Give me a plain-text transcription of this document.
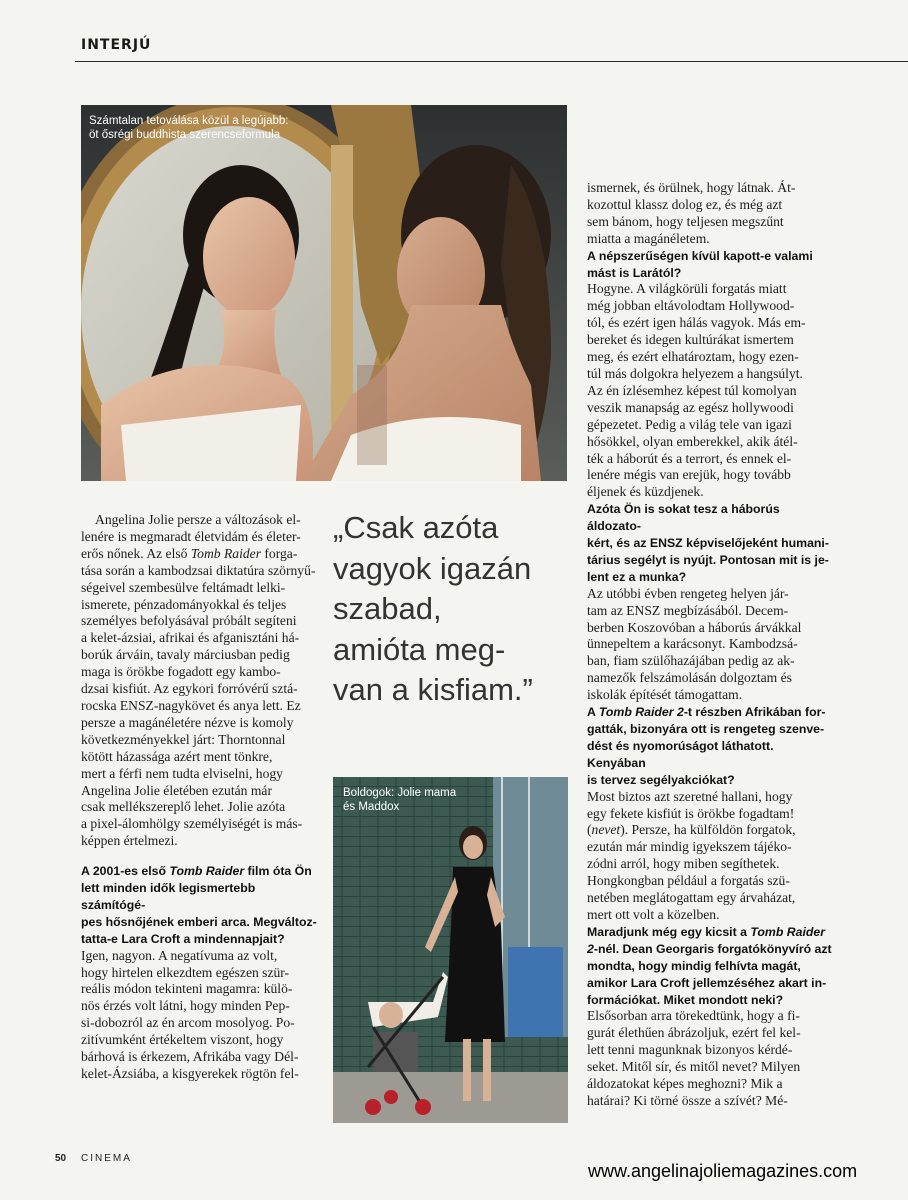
INTERJÚ
Számtalan tetoválása közül a legújabb:
öt ősrégi buddhista szerencseformula

Angelina Jolie persze a változások el-
lenére is megmaradt életvidám és életer-
erős nőnek. Az első Tomb Raider forga-
tása során a kambodzsai diktatúra szörnyű-
ségeivel szembesülve feltámadt lelki-
ismerete, pénzadományokkal és teljes
személyes befolyásával próbált segíteni
a kelet-ázsiai, afrikai és afganisztáni há-
borúk árváin, tavaly márciusban pedig
maga is örökbe fogadott egy kambo-
dzsai kisfiút. Az egykori forróvérű sztá-
rocska ENSZ-nagykövet és anya lett. Ez
persze a magánéletére nézve is komoly
következményekkel járt: Thorntonnal
kötött házassága azért ment tönkre,
mert a férfi nem tudta elviselni, hogy
Angelina Jolie életében ezután már
csak mellékszereplő lehet. Jolie azóta
a pixel-álomhölgy személyiségét is más-
képpen értelmezi.

A 2001-es első Tomb Raider film óta Ön
lett minden idők legismertebb számítógé-
pes hősnőjének emberi arca. Megváltoz-
tatta-e Lara Croft a mindennapjait?

Igen, nagyon. A negatívuma az volt,
hogy hirtelen elkezdtem egészen szür-
reális módon tekinteni magamra: külö-
nös érzés volt látni, hogy minden Pep-
si-dobozról az én arcom mosolyog. Po-
zitívumként értékeltem viszont, hogy
bárhová is érkezem, Afrikába vagy Dél-
kelet-Ázsiába, a kisgyerekek rögtön fel-

„Csak azóta
vagyok igazán
szabad,
amióta meg-
van a kisfiam.”
Boldogok: Jolie mama
és Maddox

ismernek, és örülnek, hogy látnak. Át-
kozottul klassz dolog ez, és még azt
sem bánom, hogy teljesen megszűnt
miatta a magánéletem.

A népszerűségen kívül kapott-e valami
mást is Larától?

Hogyne. A világkörüli forgatás miatt
még jobban eltávolodtam Hollywood-
tól, és ezért igen hálás vagyok. Más em-
bereket és idegen kultúrákat ismertem
meg, és ezért elhatároztam, hogy ezen-
túl más dolgokra helyezem a hangsúlyt.
Az én ízlésemhez képest túl komolyan
veszik manapság az egész hollywoodi
gépezetet. Pedig a világ tele van igazi
hősökkel, olyan emberekkel, akik átél-
ték a háborút és a terrort, és ennek el-
lenére mégis van erejük, hogy tovább
éljenek és küzdjenek.

Azóta Ön is sokat tesz a háborús áldozato-
kért, és az ENSZ képviselőjeként humani-
tárius segélyt is nyújt. Pontosan mit is je-
lent ez a munka?

Az utóbbi évben rengeteg helyen jár-
tam az ENSZ megbízásából. Decem-
berben Koszovóban a háborús árvákkal
ünnepeltem a karácsonyt. Kambodzsá-
ban, fiam szülőhazájában pedig az ak-
namezők felszámolásán dolgoztam és
iskolák építését támogattam.

A Tomb Raider 2-t részben Afrikában for-
gatták, bizonyára ott is rengeteg szenve-
dést és nyomorúságot láthatott. Kenyában
is tervez segélyakciókat?

Most biztos azt szeretné hallani, hogy
egy fekete kisfiút is örökbe fogadtam!
(nevet). Persze, ha külföldön forgatok,
ezután már mindig igyekszem tájéko-
zódni arról, hogy miben segíthetek.
Hongkongban például a forgatás szü-
netében meglátogattam egy árvaházat,
mert ott volt a közelben.

Maradjunk még egy kicsit a Tomb Raider
2-nél. Dean Georgaris forgatókönyvíró azt
mondta, hogy mindig felhívta magát,
amikor Lara Croft jellemzéséhez akart in-
formációkat. Miket mondott neki?

Elsősorban arra törekedtünk, hogy a fi-
gurát élethűen ábrázoljuk, ezért fel kel-
lett tenni magunknak bizonyos kérdé-
seket. Mitől sír, és mitől nevet? Milyen
áldozatokat képes meghozni? Mik a
határai? Ki törné össze a szívét? Mé-

50 CINEMA
www.angelinajoliemagazines.com
